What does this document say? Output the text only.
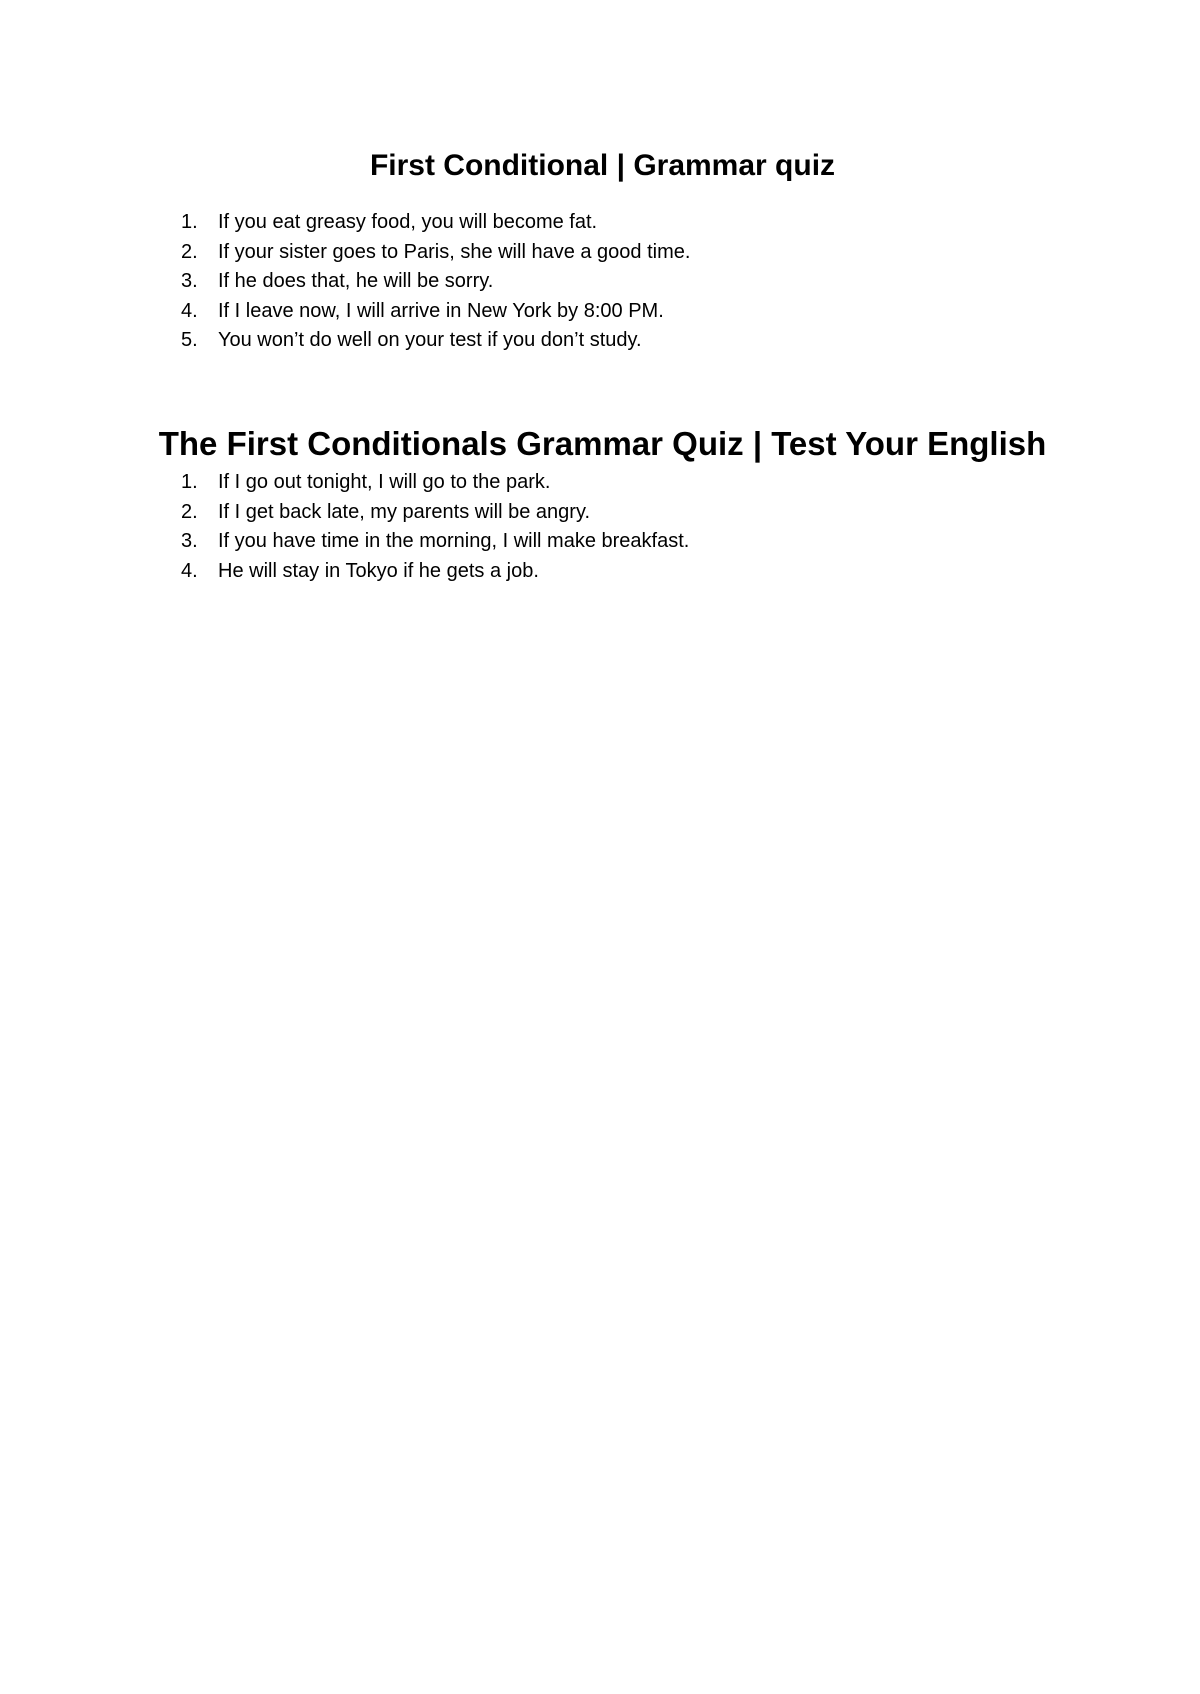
First Conditional | Grammar quiz
1. If you eat greasy food, you will become fat.
2. If your sister goes to Paris, she will have a good time.
3. If he does that, he will be sorry.
4. If I leave now, I will arrive in New York by 8:00 PM.
5. You won’t do well on your test if you don’t study.
The First Conditionals Grammar Quiz | Test Your English
1. If I go out tonight, I will go to the park.
2. If I get back late, my parents will be angry.
3. If you have time in the morning, I will make breakfast.
4. He will stay in Tokyo if he gets a job.
